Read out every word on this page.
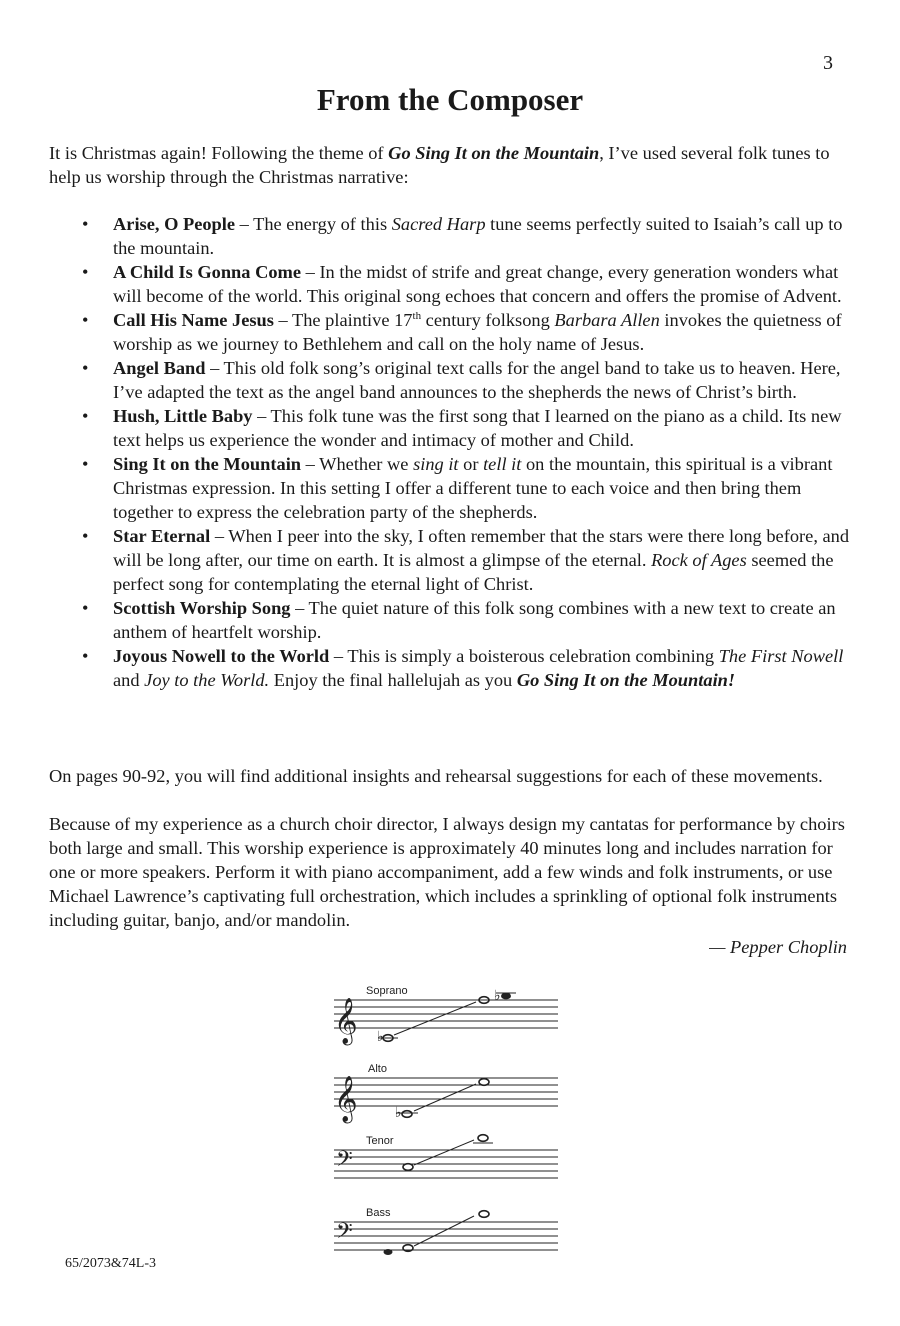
3
From the Composer

It is Christmas again! Following the theme of Go Sing It on the Mountain, I’ve used several folk tunes to help us worship through the Christmas narrative:

• Arise, O People – The energy of this Sacred Harp tune seems perfectly suited to Isaiah’s call up to the mountain.
• A Child Is Gonna Come – In the midst of strife and great change, every generation wonders what will become of the world. This original song echoes that concern and offers the promise of Advent.
• Call His Name Jesus – The plaintive 17th century folksong Barbara Allen invokes the quietness of worship as we journey to Bethlehem and call on the holy name of Jesus.
• Angel Band – This old folk song’s original text calls for the angel band to take us to heaven. Here, I’ve adapted the text as the angel band announces to the shepherds the news of Christ’s birth.
• Hush, Little Baby – This folk tune was the first song that I learned on the piano as a child. Its new text helps us experience the wonder and intimacy of mother and Child.
• Sing It on the Mountain – Whether we sing it or tell it on the mountain, this spiritual is a vibrant Christmas expression. In this setting I offer a different tune to each voice and then bring them together to express the celebration party of the shepherds.
• Star Eternal – When I peer into the sky, I often remember that the stars were there long before, and will be long after, our time on earth. It is almost a glimpse of the eternal. Rock of Ages seemed the perfect song for contemplating the eternal light of Christ.
• Scottish Worship Song – The quiet nature of this folk song combines with a new text to create an anthem of heartfelt worship.
• Joyous Nowell to the World – This is simply a boisterous celebration combining The First Nowell and Joy to the World. Enjoy the final hallelujah as you Go Sing It on the Mountain!

On pages 90-92, you will find additional insights and rehearsal suggestions for each of these movements.

Because of my experience as a church choir director, I always design my cantatas for performance by choirs both large and small. This worship experience is approximately 40 minutes long and includes narration for one or more speakers. Perform it with piano accompaniment, add a few winds and folk instruments, or use Michael Lawrence’s captivating full orchestration, which includes a sprinkling of optional folk instruments including guitar, banjo, and/or mandolin.

— Pepper Choplin
Soprano
𝄞 ♭
♭
Alto
𝄞	♭
Tenor
𝄢
Bass
𝄢
65/2073&74L-3
